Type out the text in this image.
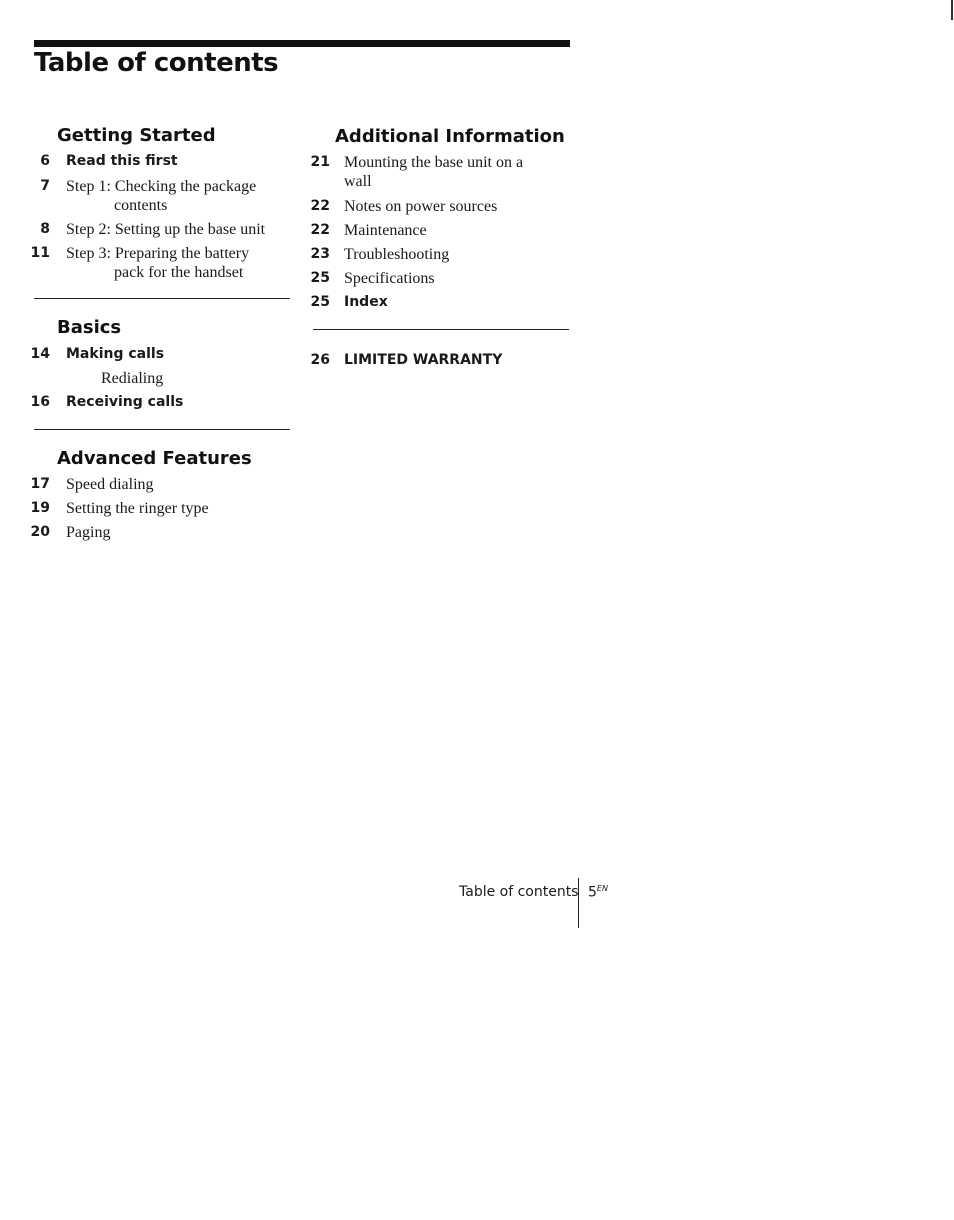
Table of contents
Getting Started
6 Read this first
7 Step 1: Checking the package
contents
8 Step 2: Setting up the base unit
11 Step 3: Preparing the battery
pack for the handset
Basics
14 Making calls
Redialing
16 Receiving calls
Advanced Features
17 Speed dialing
19 Setting the ringer type
20 Paging
Additional Information
21 Mounting the base unit on a
wall
22 Notes on power sources
22 Maintenance
23 Troubleshooting
25 Specifications
25 Index
26 LIMITED WARRANTY
Table of contents $5^{EN}$
